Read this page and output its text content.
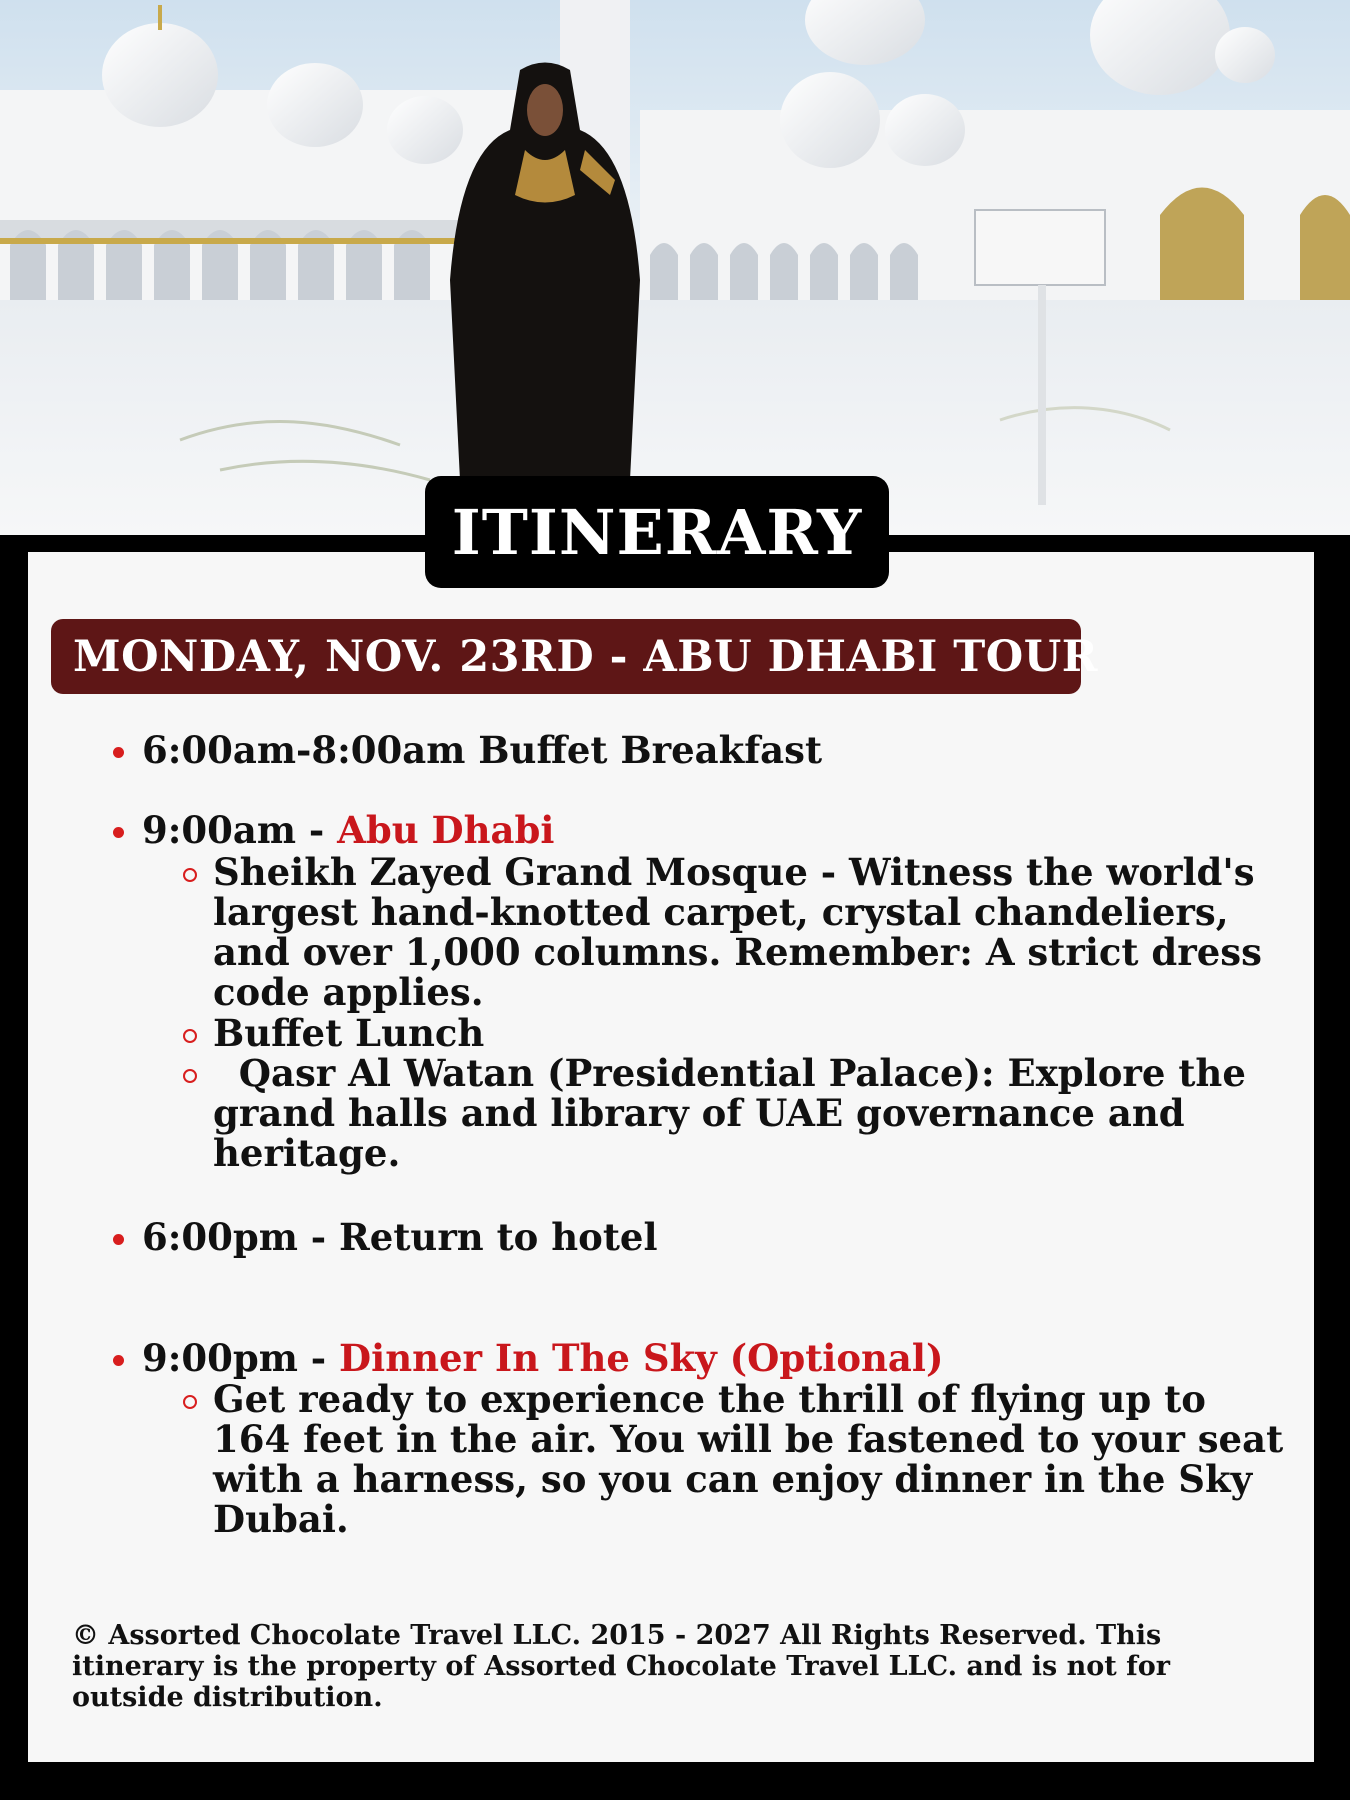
ITINERARY
MONDAY, NOV. 23RD - ABU DHABI TOUR
6:00am-8:00am Buffet Breakfast
9:00am - Abu Dhabi
Sheikh Zayed Grand Mosque - Witness the world's largest hand-knotted carpet, crystal chandeliers, and over 1,000 columns. Remember: A strict dress code applies.
Buffet Lunch
Qasr Al Watan (Presidential Palace): Explore the grand halls and library of UAE governance and heritage.
6:00pm - Return to hotel
9:00pm - Dinner In The Sky (Optional)
Get ready to experience the thrill of flying up to 164 feet in the air. You will be fastened to your seat with a harness, so you can enjoy dinner in the Sky Dubai.
© Assorted Chocolate Travel LLC. 2015 - 2027 All Rights Reserved. This itinerary is the property of Assorted Chocolate Travel LLC. and is not for outside distribution.
